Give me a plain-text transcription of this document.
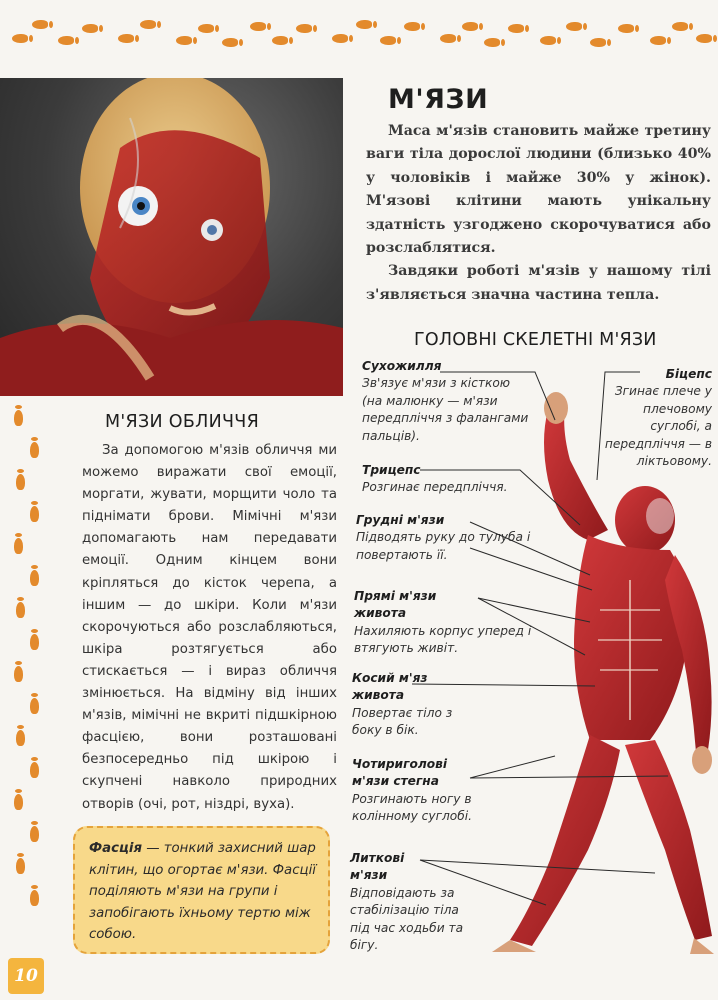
М'ЯЗИ

Маса м'язів становить майже третину ваги тіла дорослої людини (близько 40% у чоловіків і майже 30% у жінок). М'язові клітини мають унікальну здатність узгоджено скорочуватися або розслаблятися.

Завдяки роботі м'язів у нашому тілі з'являється значна частина тепла.

ГОЛОВНІ СКЕЛЕТНІ М'ЯЗИ
М'ЯЗИ ОБЛИЧЧЯ

За допомогою м'язів обличчя ми можемо виражати свої емоції, моргати, жувати, морщити чоло та піднімати брови. Мімічні м'язи допомагають нам передавати емоції. Одним кінцем вони кріпляться до кісток черепа, а іншим — до шкіри. Коли м'язи скорочуються або розслабляються, шкіра розтягується або стискається — і вираз обличчя змінюється. На відміну від інших м'язів, мімічні не вкриті підшкірною фасцією, вони розташовані безпосередньо під шкірою і скупчені навколо природних отворів (очі, рот, ніздрі, вуха).

Фасція — тонкий захисний шар клітин, що огортає м'язи. Фасції поділяють м'язи на групи і запобігають їхньому тертю між собою.
10
Сухожилля
Зв'язує м'язи з кісткою (на малюнку — м'язи передпліччя з фалангами пальців).
Біцепс
Згинає плече у плечовому суглобі, а передпліччя — в ліктьовому.
Трицепс
Розгинає передпліччя.
Грудні м'язи
Підводять руку до тулуба і повертають її.
Прямі м'язи живота
Нахиляють корпус уперед і втягують живіт.
Косий м'яз живота
Повертає тіло з боку в бік.
Чотириголові м'язи стегна
Розгинають ногу в колінному суглобі.
Литкові м'язи
Відповідають за стабілізацію тіла під час ходьби та бігу.
